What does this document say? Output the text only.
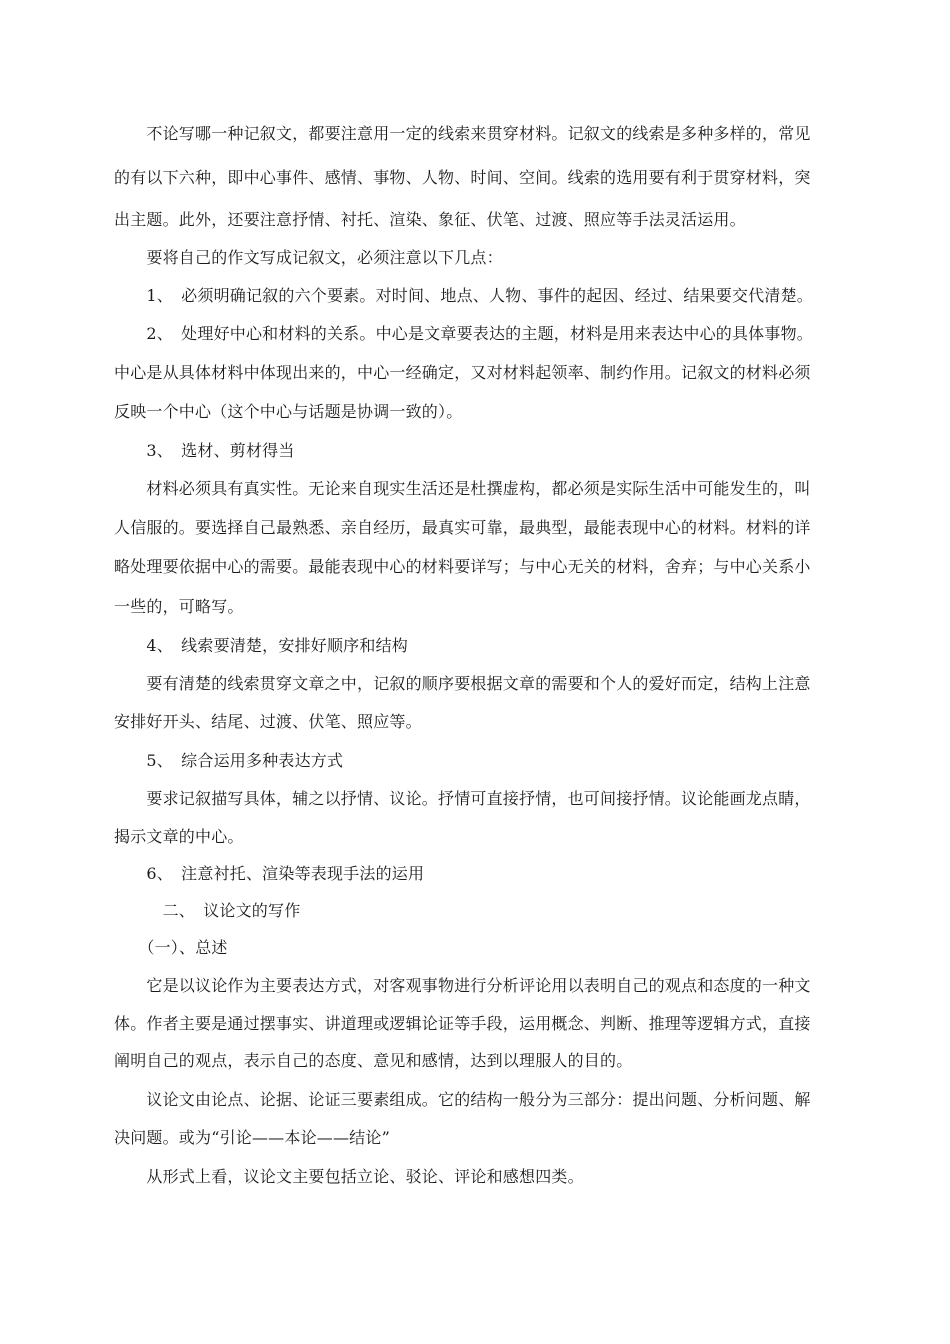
　　不论写哪一种记叙文，都要注意用一定的线索来贯穿材料。记叙文的线索是多种多样的，常见
的有以下六种，即中心事件、感情、事物、人物、时间、空间。线索的选用要有利于贯穿材料，突
出主题。此外，还要注意抒情、衬托、渲染、象征、伏笔、过渡、照应等手法灵活运用。
　　要将自己的作文写成记叙文，必须注意以下几点：
　　1、　必须明确记叙的六个要素。对时间、地点、人物、事件的起因、经过、结果要交代清楚。
　　2、　处理好中心和材料的关系。中心是文章要表达的主题，材料是用来表达中心的具体事物。
中心是从具体材料中体现出来的，中心一经确定，又对材料起领率、制约作用。记叙文的材料必须
反映一个中心（这个中心与话题是协调一致的）。
　　3、　选材、剪材得当
　　材料必须具有真实性。无论来自现实生活还是杜撰虚构，都必须是实际生活中可能发生的，叫
人信服的。要选择自己最熟悉、亲自经历，最真实可靠，最典型，最能表现中心的材料。材料的详
略处理要依据中心的需要。最能表现中心的材料要详写；与中心无关的材料，舍弃；与中心关系小
一些的，可略写。
　　4、　线索要清楚，安排好顺序和结构
　　要有清楚的线索贯穿文章之中，记叙的顺序要根据文章的需要和个人的爱好而定，结构上注意
安排好开头、结尾、过渡、伏笔、照应等。
　　5、　综合运用多种表达方式
　　要求记叙描写具体，辅之以抒情、议论。抒情可直接抒情，也可间接抒情。议论能画龙点睛，
揭示文章的中心。
　　6、　注意衬托、渲染等表现手法的运用
　　　二、　议论文的写作
　　（一）、总述
　　它是以议论作为主要表达方式，对客观事物进行分析评论用以表明自己的观点和态度的一种文
体。作者主要是通过摆事实、讲道理或逻辑论证等手段，运用概念、判断、推理等逻辑方式，直接
阐明自己的观点，表示自己的态度、意见和感情，达到以理服人的目的。
　　议论文由论点、论据、论证三要素组成。它的结构一般分为三部分：提出问题、分析问题、解
决问题。或为“引论——本论——结论”
　　从形式上看，议论文主要包括立论、驳论、评论和感想四类。
